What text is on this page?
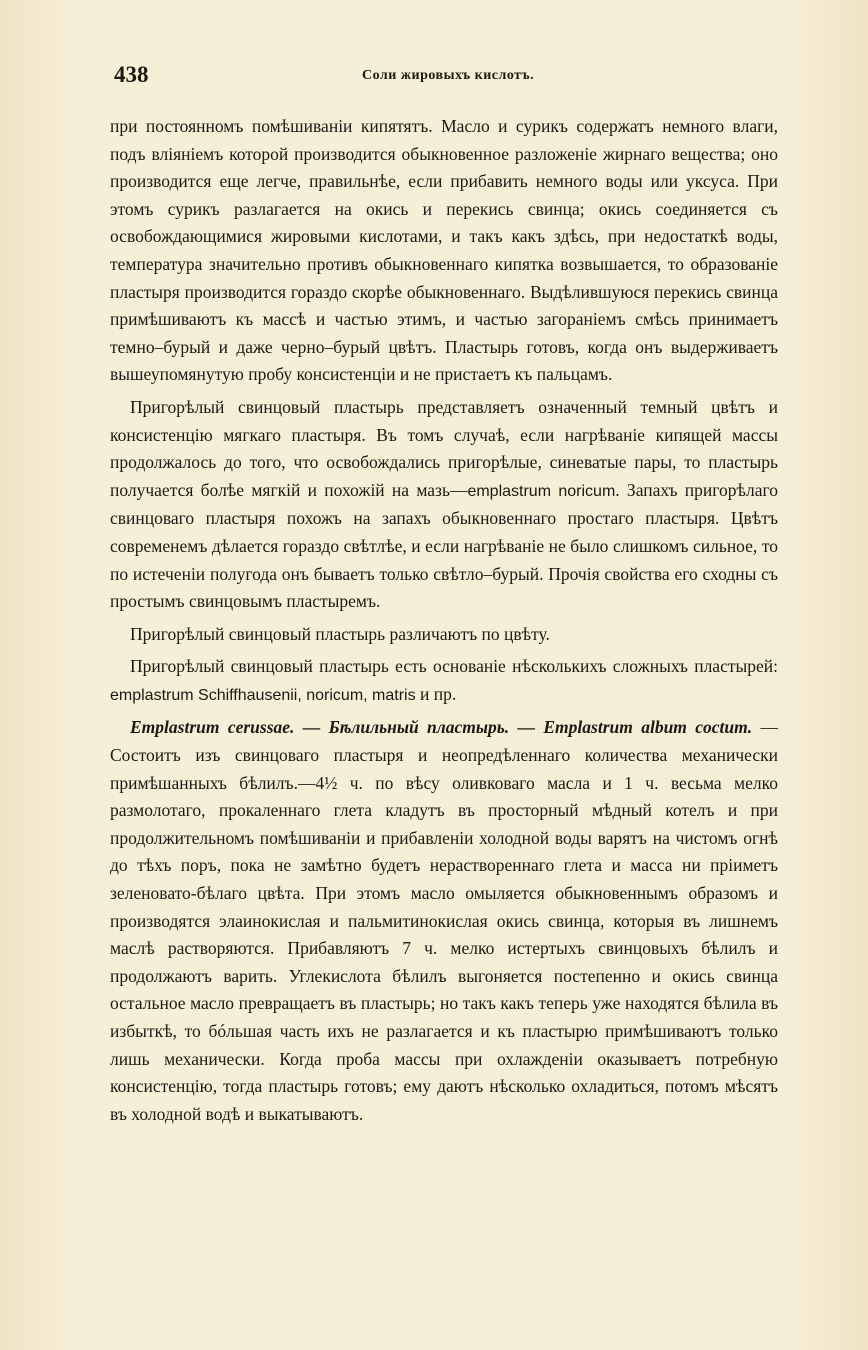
438	Соли жировыхъ кислотъ.

при постоянномъ помѣшиваніи кипятятъ. Масло и сурикъ содержатъ немного влаги, подъ вліяніемъ которой производится обыкновенное разложеніе жирнаго вещества; оно производится еще легче, правильнѣе, если прибавить немного воды или уксуса. При этомъ сурикъ разлагается на окись и перекись свинца; окись соединяется съ освобождающимися жировыми кислотами, и такъ какъ здѣсь, при недостаткѣ воды, температура значительно противъ обыкновеннаго кипятка возвышается, то образованіе пластыря производится гораздо скорѣе обыкновеннаго. Выдѣлившуюся перекись свинца примѣшиваютъ къ массѣ и частью этимъ, и частью загораніемъ смѣсь принимаетъ темно–бурый и даже черно–бурый цвѣтъ. Пластырь готовъ, когда онъ выдерживаетъ вышеупомянутую пробу консистенціи и не пристаетъ къ пальцамъ.

Пригорѣлый свинцовый пластырь представляетъ означенный темный цвѣтъ и консистенцію мягкаго пластыря. Въ томъ случаѣ, если нагрѣваніе кипящей массы продолжалось до того, что освобождались пригорѣлые, синеватые пары, то пластырь получается болѣе мягкій и похожій на мазь—emplastrum noricum. Запахъ пригорѣлаго свинцоваго пластыря похожъ на запахъ обыкновеннаго простаго пластыря. Цвѣтъ современемъ дѣлается гораздо свѣтлѣе, и если нагрѣваніе не было слишкомъ сильное, то по истеченіи полугода онъ бываетъ только свѣтло–бурый. Прочія свойства его сходны съ простымъ свинцовымъ пластыремъ.

Пригорѣлый свинцовый пластырь различаютъ по цвѣту.

Пригорѣлый свинцовый пластырь есть основаніе нѣсколькихъ сложныхъ пластырей: emplastrum Schiffhausenii, noricum, matris и пр.

Emplastrum cerussae. — Бѣлильный пластырь. — Emplastrum album coctum. — Состоитъ изъ свинцоваго пластыря и неопредѣленнаго количества механически примѣшанныхъ бѣлилъ.—4½ ч. по вѣсу оливковаго масла и 1 ч. весьма мелко размолотаго, прокаленнаго глета кладутъ въ просторный мѣдный котелъ и при продолжительномъ помѣшиваніи и прибавленіи холодной воды варятъ на чистомъ огнѣ до тѣхъ поръ, пока не замѣтно будетъ нераствореннаго глета и масса ни пріиметъ зеленовато-бѣлаго цвѣта. При этомъ масло омыляется обыкновеннымъ образомъ и производятся элаинокислая и пальмитинокислая окись свинца, которыя въ лишнемъ маслѣ растворяются. Прибавляютъ 7 ч. мелко истертыхъ свинцовыхъ бѣлилъ и продолжаютъ варить. Углекислота бѣлилъ выгоняется постепенно и окись свинца остальное масло превращаетъ въ пластырь; но такъ какъ теперь уже находятся бѣлила въ избыткѣ, то бóльшая часть ихъ не разлагается и къ пластырю примѣшиваютъ только лишь механически. Когда проба массы при охлажденіи оказываетъ потребную консистенцію, тогда пластырь готовъ; ему даютъ нѣсколько охладиться, потомъ мѣсятъ въ холодной водѣ и выкатываютъ.
